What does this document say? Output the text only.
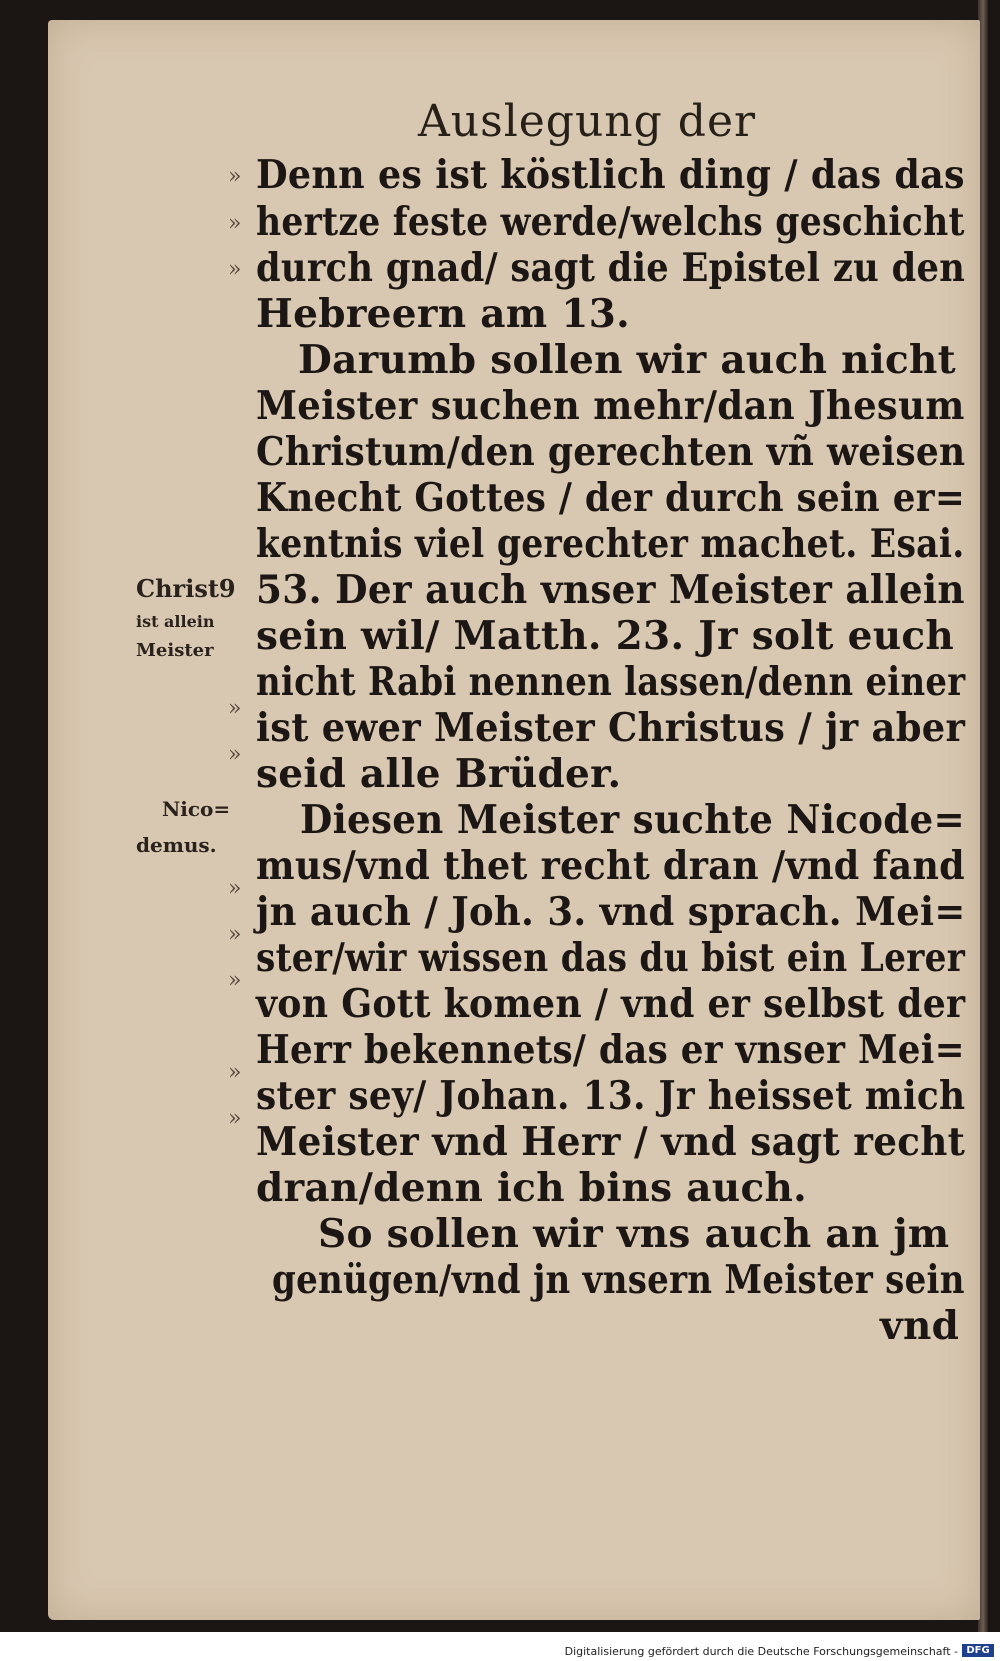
Auslegung der
»
»
»
»
»
»
»
»
»
»
Denn es ist köstlich ding / das das
hertze feste werde/welchs geschicht
durch gnad/ sagt die Epistel zu den
Hebreern am 13.
Darumb sollen wir auch nicht
Meister suchen mehr/dan Jhesum
Christum/den gerechten vñ weisen
Knecht Gottes / der durch sein er=
kentnis viel gerechter machet. Esai.
53. Der auch vnser Meister allein
sein wil/ Matth. 23. Jr solt euch
nicht Rabi nennen lassen/denn einer
ist ewer Meister Christus / jr aber
seid alle Brüder.
Diesen Meister suchte Nicode=
mus/vnd thet recht dran /vnd fand
jn auch / Joh. 3. vnd sprach. Mei=
ster/wir wissen das du bist ein Lerer
von Gott komen / vnd er selbst der
Herr bekennets/ das er vnser Mei=
ster sey/ Johan. 13. Jr heisset mich
Meister vnd Herr / vnd sagt recht
dran/denn ich bins auch.
So sollen wir vns auch an jm
genügen/vnd jn vnsern Meister sein
vnd
Christ9
ist allein
Meister
Nico=
demus.
Digitalisierung gefördert durch die Deutsche Forschungsgemeinschaft - DFG
